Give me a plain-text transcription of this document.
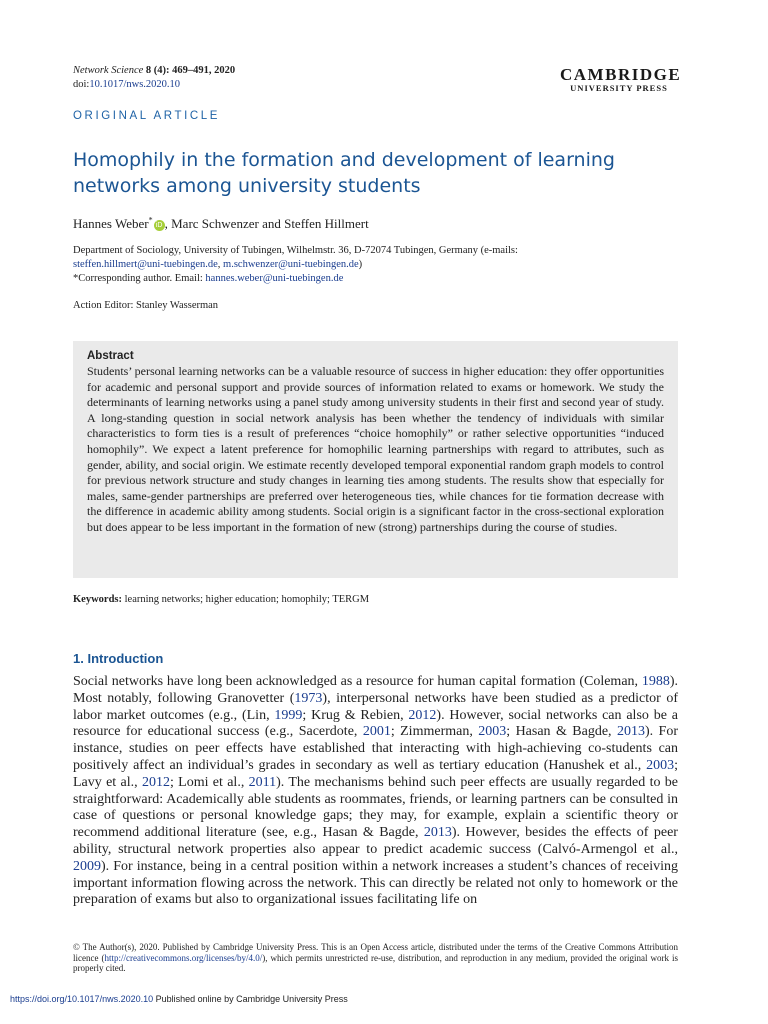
Network Science 8 (4): 469–491, 2020
doi:10.1017/nws.2020.10
CAMBRIDGE
UNIVERSITY PRESS
ORIGINAL ARTICLE
Homophily in the formation and development of learning networks among university students
Hannes Weber*iD , Marc Schwenzer and Steffen Hillmert
Department of Sociology, University of Tubingen, Wilhelmstr. 36, D-72074 Tubingen, Germany (e-mails:
steffen.hillmert@uni-tuebingen.de, m.schwenzer@uni-tuebingen.de)
*Corresponding author. Email: hannes.weber@uni-tuebingen.de
Action Editor: Stanley Wasserman
Abstract
Students’ personal learning networks can be a valuable resource of success in higher education: they offer opportunities for academic and personal support and provide sources of information related to exams or homework. We study the determinants of learning networks using a panel study among university students in their first and second year of study. A long-standing question in social network analysis has been whether the tendency of individuals with similar characteristics to form ties is a result of preferences “choice homophily” or rather selective opportunities “induced homophily”. We expect a latent preference for homophilic learning partnerships with regard to attributes, such as gender, ability, and social origin. We estimate recently developed temporal exponential random graph models to control for previous network structure and study changes in learning ties among students. The results show that especially for males, same-gender partnerships are preferred over heterogeneous ties, while chances for tie formation decrease with the difference in academic ability among students. Social origin is a significant factor in the cross-sectional exploration but does appear to be less important in the formation of new (strong) partnerships during the course of studies.
Keywords: learning networks; higher education; homophily; TERGM
1. Introduction
Social networks have long been acknowledged as a resource for human capital formation (Coleman, 1988). Most notably, following Granovetter (1973), interpersonal networks have been studied as a predictor of labor market outcomes (e.g., (Lin, 1999; Krug & Rebien, 2012). However, social networks can also be a resource for educational success (e.g., Sacerdote, 2001; Zimmerman, 2003; Hasan & Bagde, 2013). For instance, studies on peer effects have established that interacting with high-achieving co-students can positively affect an individual’s grades in secondary as well as tertiary education (Hanushek et al., 2003; Lavy et al., 2012; Lomi et al., 2011). The mechanisms behind such peer effects are usually regarded to be straightforward: Academically able students as roommates, friends, or learning partners can be consulted in case of questions or personal knowledge gaps; they may, for example, explain a scientific theory or recommend additional literature (see, e.g., Hasan & Bagde, 2013). However, besides the effects of peer ability, structural network properties also appear to predict academic success (Calvó-Armengol et al., 2009). For instance, being in a central position within a network increases a student’s chances of receiving important information flowing across the network. This can directly be related not only to homework or the preparation of exams but also to organizational issues facilitating life on
© The Author(s), 2020. Published by Cambridge University Press. This is an Open Access article, distributed under the terms of the Creative Commons Attribution licence (http://creativecommons.org/licenses/by/4.0/), which permits unrestricted re-use, distribution, and reproduction in any medium, provided the original work is properly cited.
https://doi.org/10.1017/nws.2020.10 Published online by Cambridge University Press
